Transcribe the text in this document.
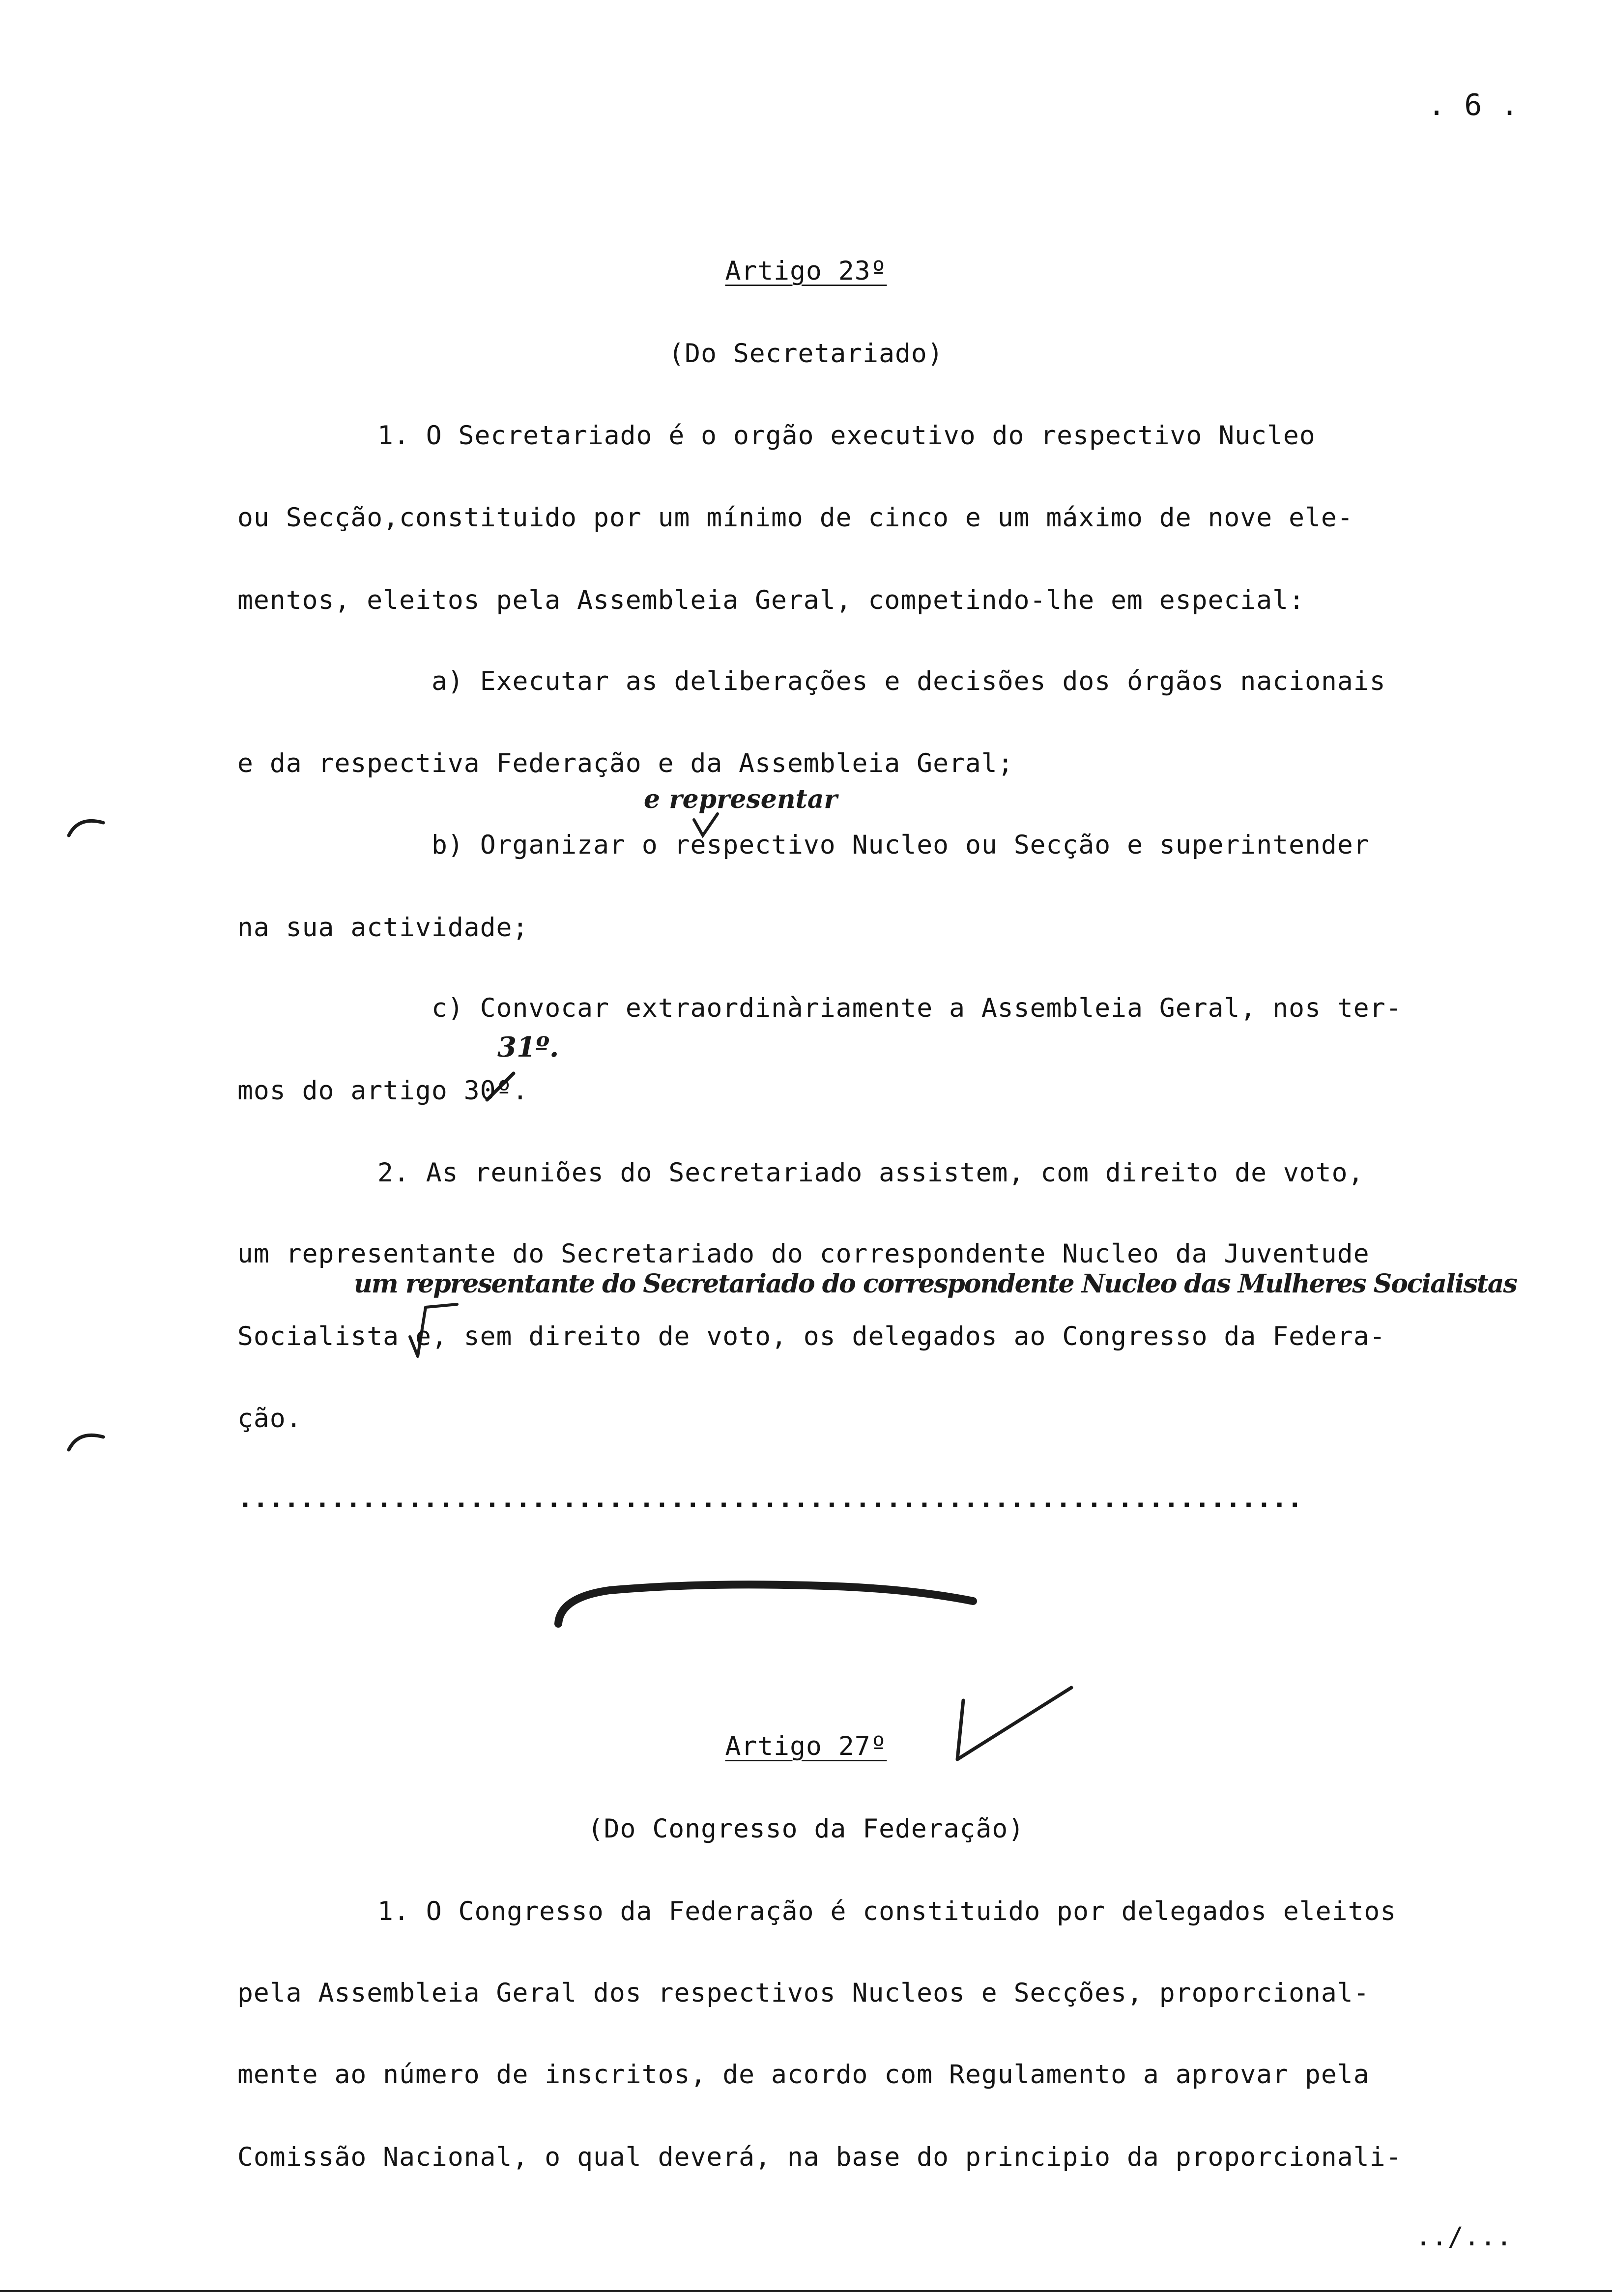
. 6 .
Artigo 23º
(Do Secretariado)
1. O Secretariado é o orgão executivo do respectivo Nucleo
ou Secção,constituido por um mínimo de cinco e um máximo de nove ele-
mentos, eleitos pela Assembleia Geral, competindo-lhe em especial:
a) Executar as deliberações e decisões dos órgãos nacionais
e da respectiva Federação e da Assembleia Geral;
e representar
b) Organizar o respectivo Nucleo ou Secção e superintender
na sua actividade;
c) Convocar extraordinàriamente a Assembleia Geral, nos ter-
31º.
mos do artigo 30º.
2. As reuniões do Secretariado assistem, com direito de voto,
um representante do Secretariado do correspondente Nucleo da Juventude
um representante do Secretariado do correspondente Nucleo das Mulheres Socialistas
Socialista e, sem direito de voto, os delegados ao Congresso da Federa-
ção.
.....................................................................
Artigo 27º
(Do Congresso da Federação)
1. O Congresso da Federação é constituido por delegados eleitos
pela Assembleia Geral dos respectivos Nucleos e Secções, proporcional-
mente ao número de inscritos, de acordo com Regulamento a aprovar pela
Comissão Nacional, o qual deverá, na base do principio da proporcionali-
../...
